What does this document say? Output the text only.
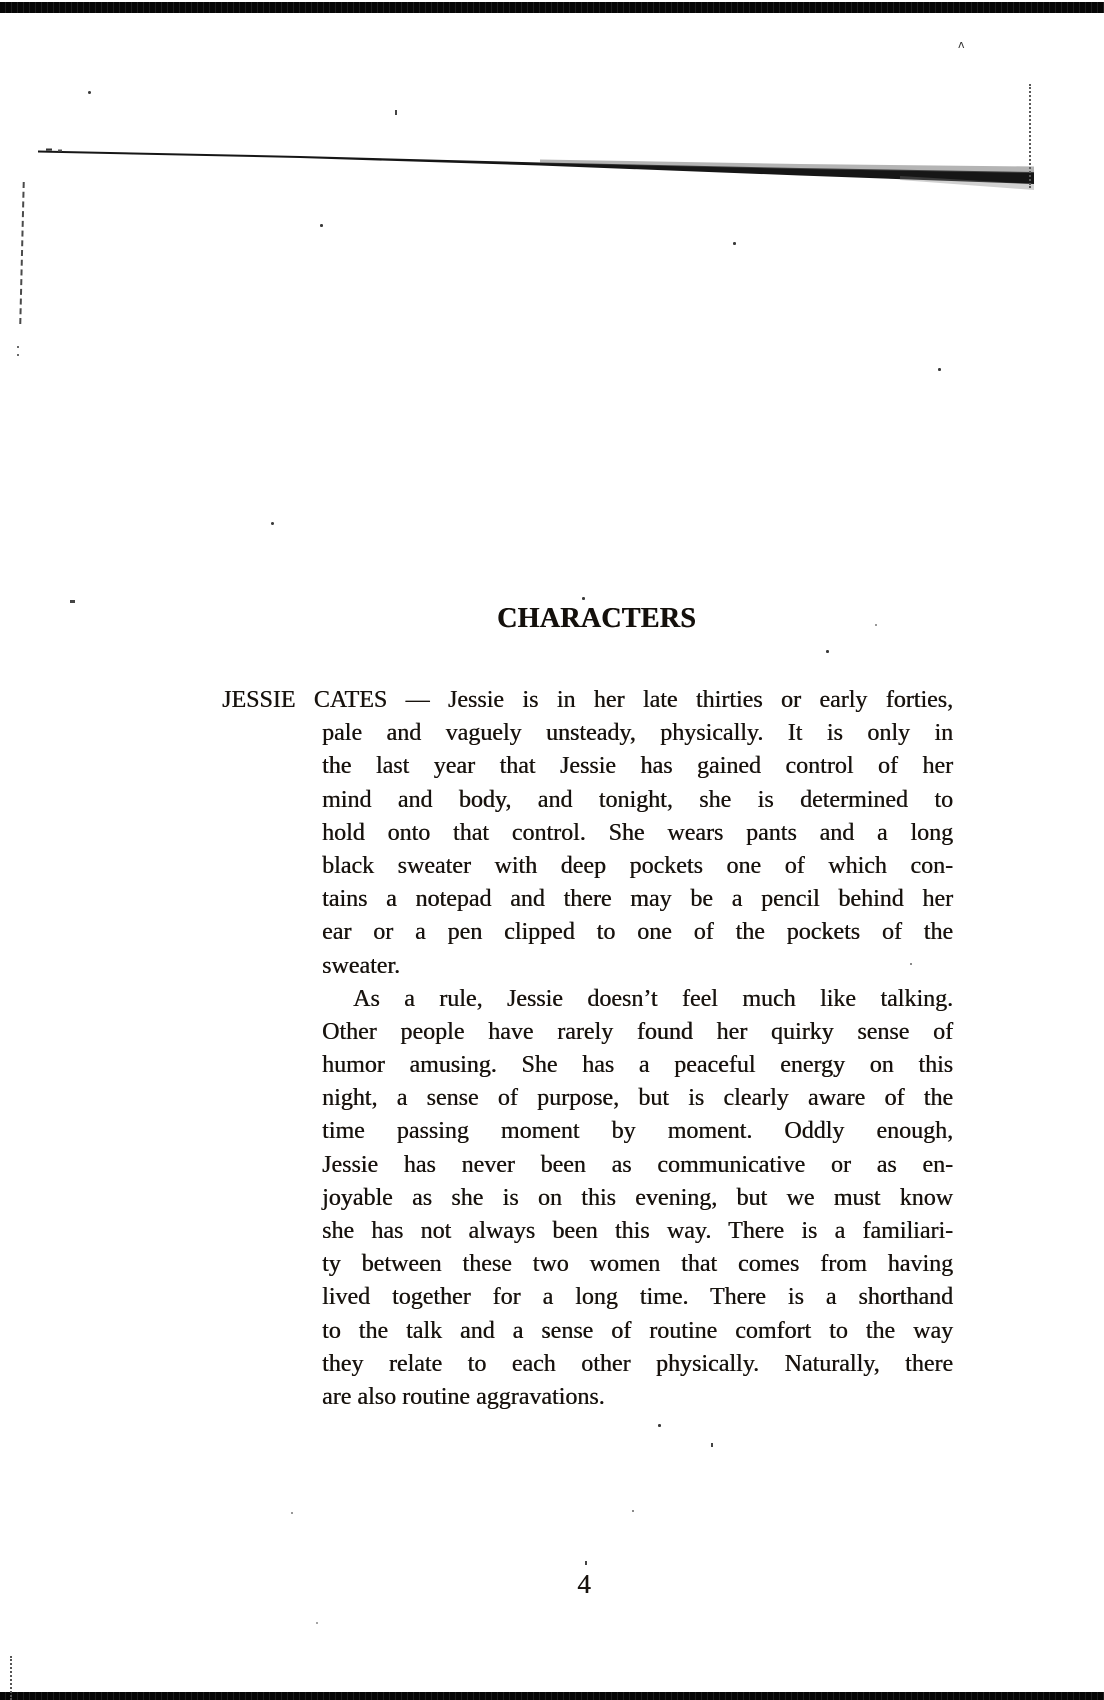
ʌ
CHARACTERS
JESSIE CATES — Jessie is in her late thirties or early forties,
pale and vaguely unsteady, physically. It is only in
the last year that Jessie has gained control of her
mind and body, and tonight, she is determined to
hold onto that control. She wears pants and a long
black sweater with deep pockets one of which con-
tains a notepad and there may be a pencil behind her
ear or a pen clipped to one of the pockets of the
sweater.
As a rule, Jessie doesn’t feel much like talking.
Other people have rarely found her quirky sense of
humor amusing. She has a peaceful energy on this
night, a sense of purpose, but is clearly aware of the
time passing moment by moment. Oddly enough,
Jessie has never been as communicative or as en-
joyable as she is on this evening, but we must know
she has not always been this way. There is a familiari-
ty between these two women that comes from having
lived together for a long time. There is a shorthand
to the talk and a sense of routine comfort to the way
they relate to each other physically. Naturally, there
are also routine aggravations.
4
